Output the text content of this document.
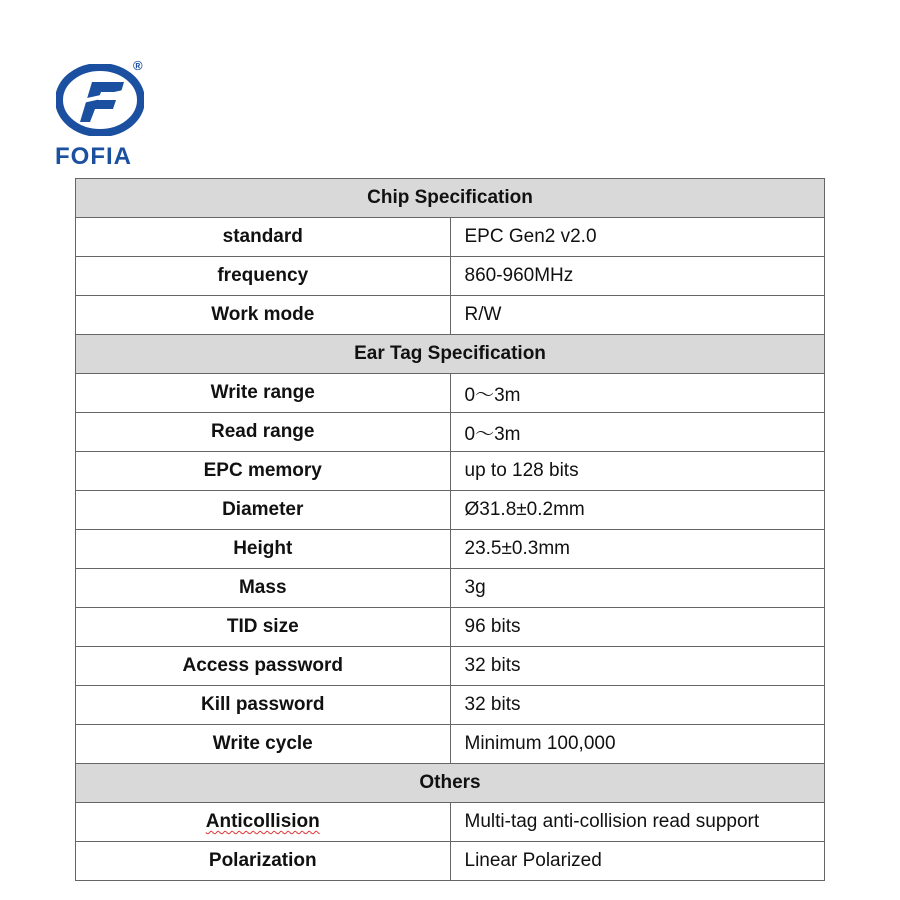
®
FOFIA
Chip Specification	
standard	EPC Gen2 v2.0
frequency	860-960MHz
Work mode	R/W
Ear Tag Specification	
Write range	0～3m
Read range	0～3m
EPC memory	up to 128 bits
Diameter	Ø31.8±0.2mm
Height	23.5±0.3mm
Mass	3g
TID size	96 bits
Access password	32 bits
Kill password	32 bits
Write cycle	Minimum 100,000
Others	
Anticollision	Multi-tag anti-collision read support
Polarization	Linear Polarized
